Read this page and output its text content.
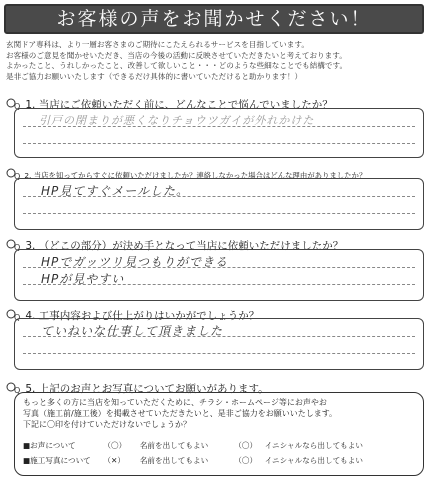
お客様の声をお聞かせください！
玄関ドア専科は、より一層お客さまのご期待にこたえられるサービスを目指しています。
お客様のご意見を聞かせいただき、当店の今後の活動に反映させていただきたいと考えております。
よかったこと、うれしかったこと、改善して欲しいこと・・・どのような些細なことでも結構です。
是非ご協力お願いいたします（できるだけ具体的に書いていただけると助かります！）
Q 1. 当店にご依頼いただく前に、どんなことで悩んでいましたか？
引戸の閉まりが悪くなりチョウツガイが外れかけた
Q 2. 当店を知ってからすぐに依頼いただけましたか？連絡しなかった場合はどんな理由がありましたか？
HP見てすぐメールした。
Q 3. （どこの部分）が決め手となって当店に依頼いただけましたか？
HPでガッツリ見つもりができる
HPが見やすい
Q 4. 工事内容および仕上がりはいかがでしょうか？
ていねいな仕事して頂きました
Q 5. 上記のお声とお写真についてお願いがあります。
もっと多くの方に当店を知っていただくために、チラシ・ホームページ等にお声やお
写真（施工前/施工後）を掲載させていただきたいと、是非ご協力をお願いいたします。
下記に〇印を付けていただけないでしょうか？
■お声について	（〇） 名前を出してもよい	（〇） イニシャルなら出してもよい
■施工写真について （✕） 名前を出してもよい	（〇） イニシャルなら出してもよい
